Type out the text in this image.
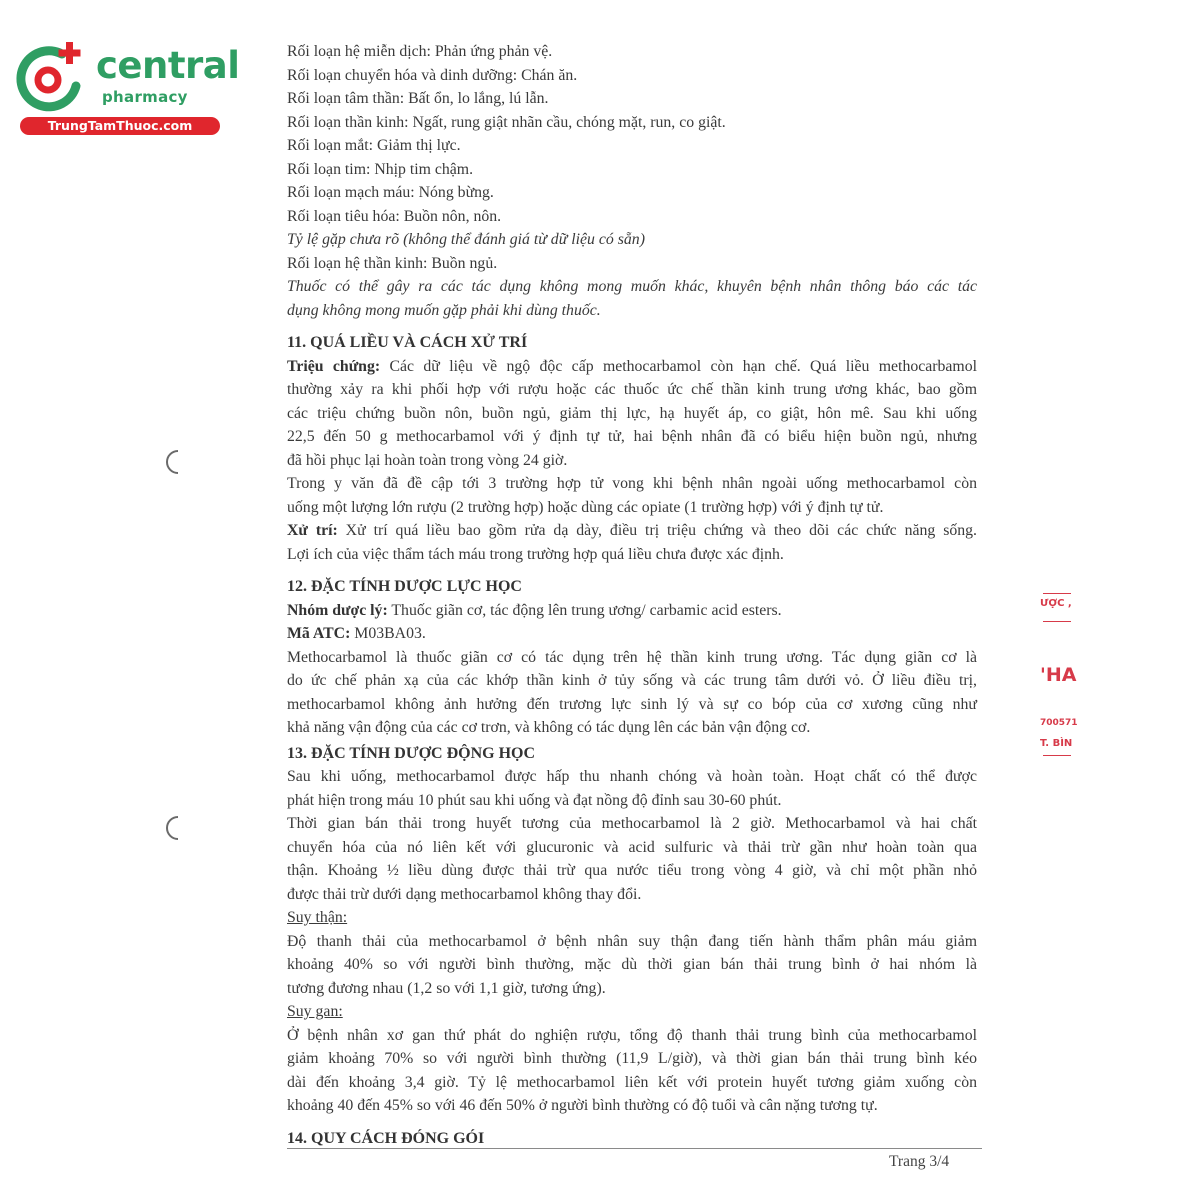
central
pharmacy
TrungTamThuoc.com
ƯỢC ,
'HA
700571
T. BÌN
Rối loạn hệ miễn dịch: Phản ứng phản vệ.
Rối loạn chuyển hóa và dinh dưỡng: Chán ăn.
Rối loạn tâm thần: Bất ổn, lo lắng, lú lẫn.
Rối loạn thần kinh: Ngất, rung giật nhãn cầu, chóng mặt, run, co giật.
Rối loạn mắt: Giảm thị lực.
Rối loạn tim: Nhịp tim chậm.
Rối loạn mạch máu: Nóng bừng.
Rối loạn tiêu hóa: Buồn nôn, nôn.
Tỷ lệ gặp chưa rõ (không thể đánh giá từ dữ liệu có sẵn)
Rối loạn hệ thần kinh: Buồn ngủ.
Thuốc có thể gây ra các tác dụng không mong muốn khác, khuyên bệnh nhân thông báo các tác
dụng không mong muốn gặp phải khi dùng thuốc.
11. QUÁ LIỀU VÀ CÁCH XỬ TRÍ
Triệu chứng: Các dữ liệu về ngộ độc cấp methocarbamol còn hạn chế. Quá liều methocarbamol
thường xảy ra khi phối hợp với rượu hoặc các thuốc ức chế thần kinh trung ương khác, bao gồm
các triệu chứng buồn nôn, buồn ngủ, giảm thị lực, hạ huyết áp, co giật, hôn mê. Sau khi uống
22,5 đến 50 g methocarbamol với ý định tự tử, hai bệnh nhân đã có biểu hiện buồn ngủ, nhưng
đã hồi phục lại hoàn toàn trong vòng 24 giờ.
Trong y văn đã đề cập tới 3 trường hợp tử vong khi bệnh nhân ngoài uống methocarbamol còn
uống một lượng lớn rượu (2 trường hợp) hoặc dùng các opiate (1 trường hợp) với ý định tự tử.
Xử trí: Xử trí quá liều bao gồm rửa dạ dày, điều trị triệu chứng và theo dõi các chức năng sống.
Lợi ích của việc thẩm tách máu trong trường hợp quá liều chưa được xác định.
12. ĐẶC TÍNH DƯỢC LỰC HỌC
Nhóm dược lý: Thuốc giãn cơ, tác động lên trung ương/ carbamic acid esters.
Mã ATC: M03BA03.
Methocarbamol là thuốc giãn cơ có tác dụng trên hệ thần kinh trung ương. Tác dụng giãn cơ là
do ức chế phản xạ của các khớp thần kinh ở tủy sống và các trung tâm dưới vỏ. Ở liều điều trị,
methocarbamol không ảnh hưởng đến trương lực sinh lý và sự co bóp của cơ xương cũng như
khả năng vận động của các cơ trơn, và không có tác dụng lên các bản vận động cơ.
13. ĐẶC TÍNH DƯỢC ĐỘNG HỌC
Sau khi uống, methocarbamol được hấp thu nhanh chóng và hoàn toàn. Hoạt chất có thể được
phát hiện trong máu 10 phút sau khi uống và đạt nồng độ đỉnh sau 30-60 phút.
Thời gian bán thải trong huyết tương của methocarbamol là 2 giờ. Methocarbamol và hai chất
chuyển hóa của nó liên kết với glucuronic và acid sulfuric và thải trừ gần như hoàn toàn qua
thận. Khoảng ½ liều dùng được thải trừ qua nước tiểu trong vòng 4 giờ, và chỉ một phần nhỏ
được thải trừ dưới dạng methocarbamol không thay đổi.
Suy thận:
Độ thanh thải của methocarbamol ở bệnh nhân suy thận đang tiến hành thẩm phân máu giảm
khoảng 40% so với người bình thường, mặc dù thời gian bán thải trung bình ở hai nhóm là
tương đương nhau (1,2 so với 1,1 giờ, tương ứng).
Suy gan:
Ở bệnh nhân xơ gan thứ phát do nghiện rượu, tổng độ thanh thải trung bình của methocarbamol
giảm khoảng 70% so với người bình thường (11,9 L/giờ), và thời gian bán thải trung bình kéo
dài đến khoảng 3,4 giờ. Tỷ lệ methocarbamol liên kết với protein huyết tương giảm xuống còn
khoảng 40 đến 45% so với 46 đến 50% ở người bình thường có độ tuổi và cân nặng tương tự.
14. QUY CÁCH ĐÓNG GÓI
Trang 3/4
